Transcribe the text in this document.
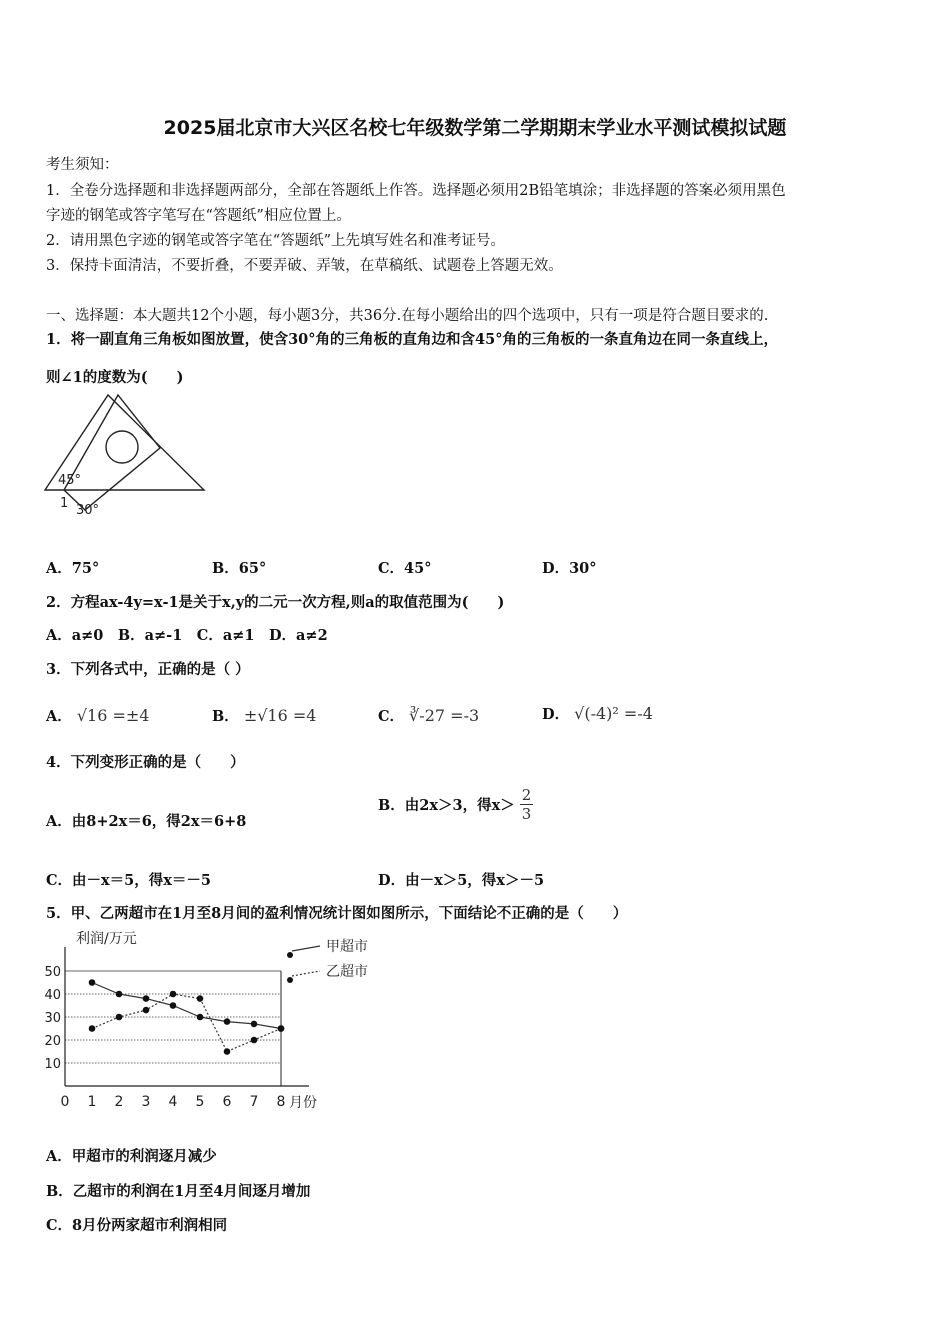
2025届北京市大兴区名校七年级数学第二学期期末学业水平测试模拟试题
考生须知：
1．全卷分选择题和非选择题两部分，全部在答题纸上作答。选择题必须用2B铅笔填涂；非选择题的答案必须用黑色
字迹的钢笔或答字笔写在“答题纸”相应位置上。
2．请用黑色字迹的钢笔或答字笔在“答题纸”上先填写姓名和准考证号。
3．保持卡面清洁，不要折叠，不要弄破、弄皱，在草稿纸、试题卷上答题无效。
一、选择题：本大题共12个小题，每小题3分，共36分.在每小题给出的四个选项中，只有一项是符合题目要求的.
1．将一副直角三角板如图放置，使含30°角的三角板的直角边和含45°角的三角板的一条直角边在同一条直线上，
则∠1的度数为(　　)
45°
1 30°
A．75°	B．65°	C．45°	D．30°
2．方程ax-4y=x-1是关于x,y的二元一次方程,则a的取值范围为(　　)
A．a≠0　B．a≠-1　C．a≠1　D．a≠2
3．下列各式中，正确的是（ ）
A． √16 =±4	B． ±√16 =4	C． ∛-27 =-3	D． √(-4)² =-4
4．下列变形正确的是（　　）
A．由8+2x＝6，得2x＝6+8
B．由2x＞3，得$x> \frac{2}{3}$
C．由－x＝5，得x＝－5	D．由－x＞5，得x＞－5
5．甲、乙两超市在1月至8月间的盈利情况统计图如图所示，下面结论不正确的是（　　）
10
20
30
40
50
0 1 2 3 4 5 6 7 8
利润/万元
月份
甲超市
乙超市
A．甲超市的利润逐月减少
B．乙超市的利润在1月至4月间逐月增加
C．8月份两家超市利润相同
